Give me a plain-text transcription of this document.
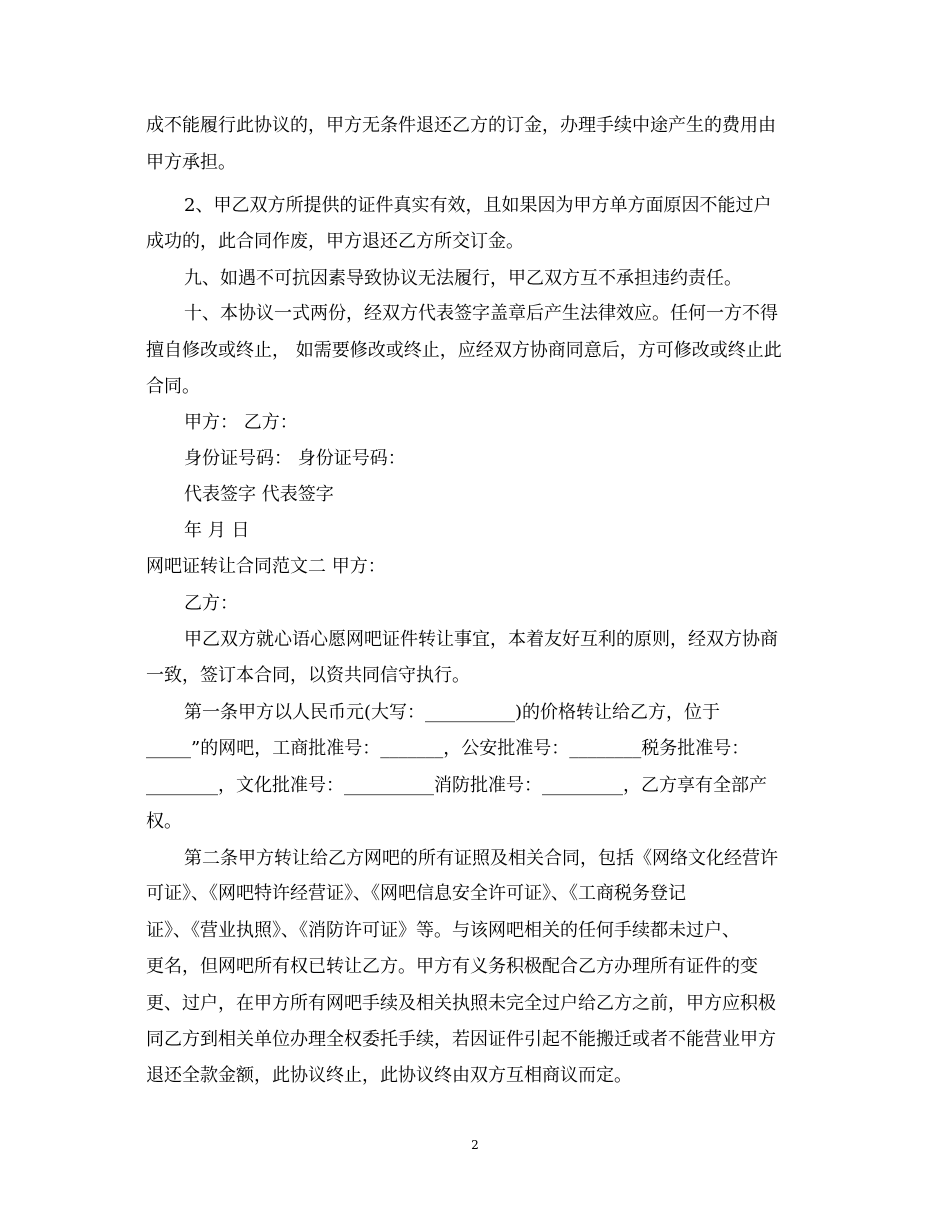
成不能履行此协议的，甲方无条件退还乙方的订金，办理手续中途产生的费用由
甲方承担。
2、甲乙双方所提供的证件真实有效，且如果因为甲方单方面原因不能过户
成功的，此合同作废，甲方退还乙方所交订金。
九、如遇不可抗因素导致协议无法履行，甲乙双方互不承担违约责任。
十、本协议一式两份，经双方代表签字盖章后产生法律效应。任何一方不得
擅自修改或终止， 如需要修改或终止，应经双方协商同意后，方可修改或终止此
合同。
甲方： 乙方：
身份证号码： 身份证号码：
代表签字 代表签字
年 月 日
网吧证转让合同范文二 甲方：
乙方：
甲乙双方就心语心愿网吧证件转让事宜，本着友好互利的原则，经双方协商
一致，签订本合同，以资共同信守执行。
第一条甲方以人民币元(大写：__________)的价格转让给乙方，位于
_____”的网吧，工商批准号：_______，公安批准号：________税务批准号：
________，文化批准号：__________消防批准号：_________，乙方享有全部产
权。
第二条甲方转让给乙方网吧的所有证照及相关合同，包括《网络文化经营许
可证》、《网吧特许经营证》、《网吧信息安全许可证》、《工商税务登记
证》、《营业执照》、《消防许可证》等。与该网吧相关的任何手续都未过户、
更名，但网吧所有权已转让乙方。甲方有义务积极配合乙方办理所有证件的变
更、过户，在甲方所有网吧手续及相关执照未完全过户给乙方之前，甲方应积极
同乙方到相关单位办理全权委托手续，若因证件引起不能搬迁或者不能营业甲方
退还全款金额，此协议终止，此协议终由双方互相商议而定。
2
